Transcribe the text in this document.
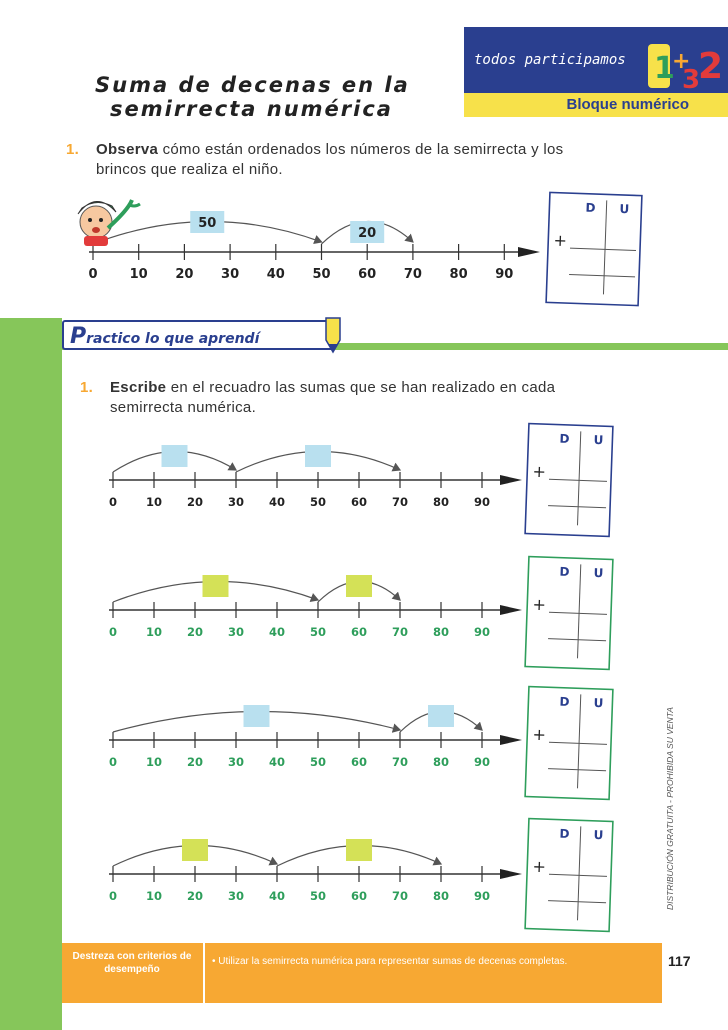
todos participamos
Bloque numérico
1
+
3
2
Suma de decenas en la
semirrecta numérica
1. Observa cómo están ordenados los números de la semirrecta y los
brincos que realiza el niño.
Practico lo que aprendí
1. Escribe en el recuadro las sumas que se han realizado en cada
semirrecta numérica.
0 10 20 30 40 50 60 70 80 90
50
20
D U
+
0	10 20 30 40 50 60 70 80 90
D U
+
0	10 20 30 40 50 60 70 80 90
D U
+
0	10 20 30 40 50 60 70 80 90
D U
+
0	10 20 30 40 50 60 70 80 90
D U
+	DISTRIBUCIÓN GRATUITA - PROHIBIDA SU VENTA
Destreza con criterios de desempeño
• Utilizar la semirrecta numérica para representar sumas de decenas completas.	117
